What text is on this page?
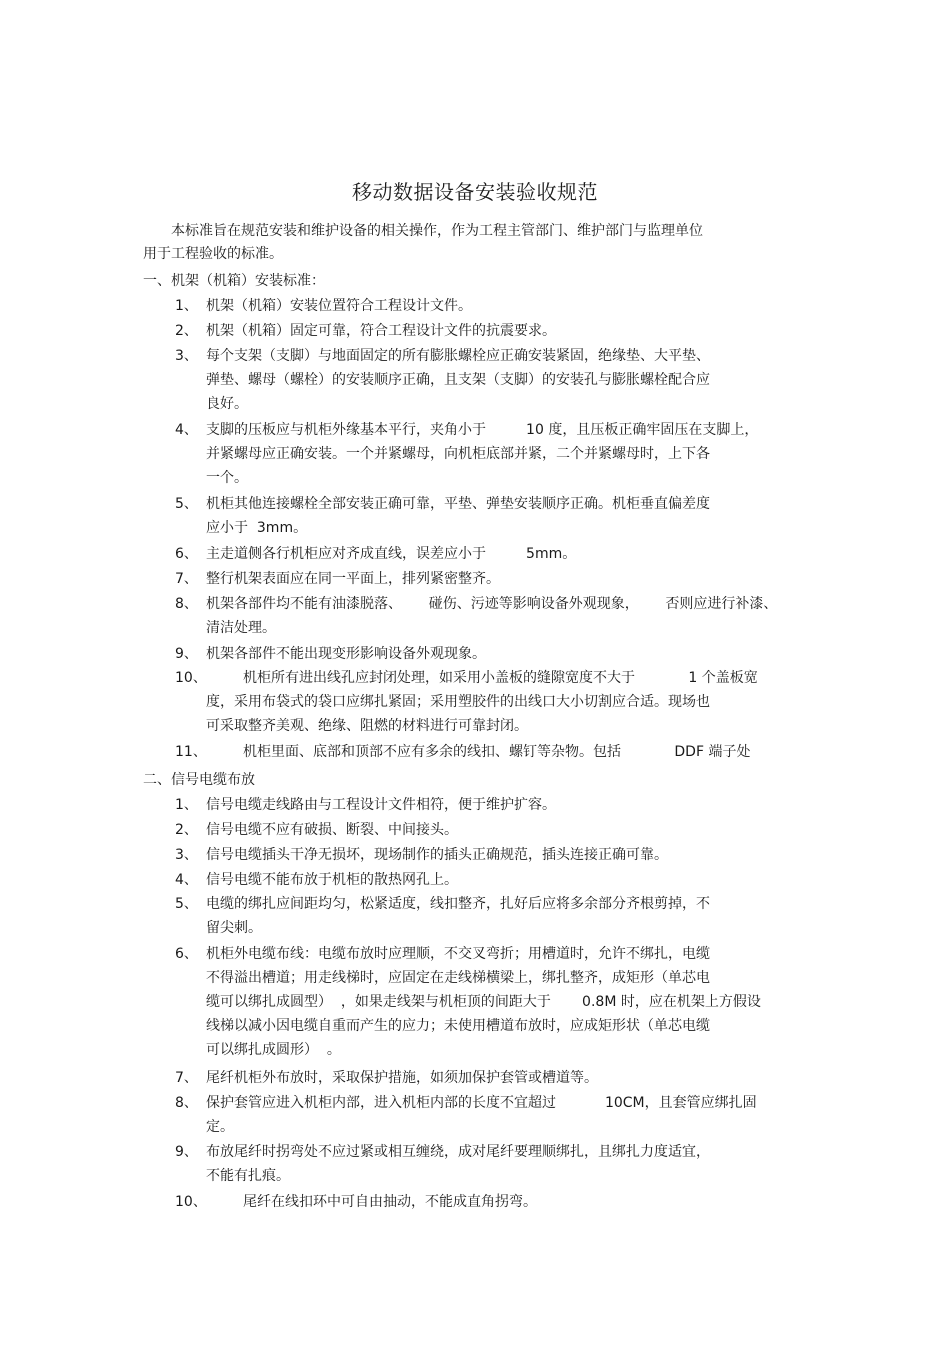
移动数据设备安装验收规范
本标准旨在规范安装和维护设备的相关操作，作为工程主管部门、维护部门与监理单位
用于工程验收的标准。
一、机架（机箱）安装标准：
1、 机架（机箱）安装位置符合工程设计文件。
2、 机架（机箱）固定可靠，符合工程设计文件的抗震要求。
3、 每个支架（支脚）与地面固定的所有膨胀螺栓应正确安装紧固，绝缘垫、大平垫、
弹垫、螺母（螺栓）的安装顺序正确，且支架（支脚）的安装孔与膨胀螺栓配合应
良好。
4、 支脚的压板应与机柜外缘基本平行，夹角小于         10 度，且压板正确牢固压在支脚上，
并紧螺母应正确安装。一个并紧螺母，向机柜底部并紧，二个并紧螺母时，上下各
一个。
5、 机柜其他连接螺栓全部安装正确可靠，平垫、弹垫安装顺序正确。机柜垂直偏差度
应小于  3mm。
6、 主走道侧各行机柜应对齐成直线，误差应小于         5mm。
7、 整行机架表面应在同一平面上，排列紧密整齐。
8、 机架各部件均不能有油漆脱落、      碰伤、污迹等影响设备外观现象，      否则应进行补漆、
清洁处理。
9、 机架各部件不能出现变形影响设备外观现象。
10、	机柜所有进出线孔应封闭处理，如采用小盖板的缝隙宽度不大于            1 个盖板宽
度，采用布袋式的袋口应绑扎紧固；采用塑胶件的出线口大小切割应合适。现场也
可采取整齐美观、绝缘、阻燃的材料进行可靠封闭。
11、	机柜里面、底部和顶部不应有多余的线扣、螺钉等杂物。包括            DDF 端子处
二、信号电缆布放
1、 信号电缆走线路由与工程设计文件相符，便于维护扩容。
2、 信号电缆不应有破损、断裂、中间接头。
3、 信号电缆插头干净无损坏，现场制作的插头正确规范，插头连接正确可靠。
4、 信号电缆不能布放于机柜的散热网孔上。
5、 电缆的绑扎应间距均匀，松紧适度，线扣整齐，扎好后应将多余部分齐根剪掉，不
留尖刺。
6、 机柜外电缆布线：电缆布放时应理顺，不交叉弯折；用槽道时，允许不绑扎，电缆
不得溢出槽道；用走线梯时，应固定在走线梯横梁上，绑扎整齐，成矩形（单芯电
缆可以绑扎成圆型）  ，如果走线架与机柜顶的间距大于       0.8M 时，应在机架上方假设
线梯以减小因电缆自重而产生的应力；未使用槽道布放时，应成矩形状（单芯电缆
可以绑扎成圆形）  。
7、 尾纤机柜外布放时，采取保护措施，如须加保护套管或槽道等。
8、 保护套管应进入机柜内部，进入机柜内部的长度不宜超过           10CM，且套管应绑扎固
定。
9、 布放尾纤时拐弯处不应过紧或相互缠绕，成对尾纤要理顺绑扎，且绑扎力度适宜，
不能有扎痕。
10、	尾纤在线扣环中可自由抽动，不能成直角拐弯。
